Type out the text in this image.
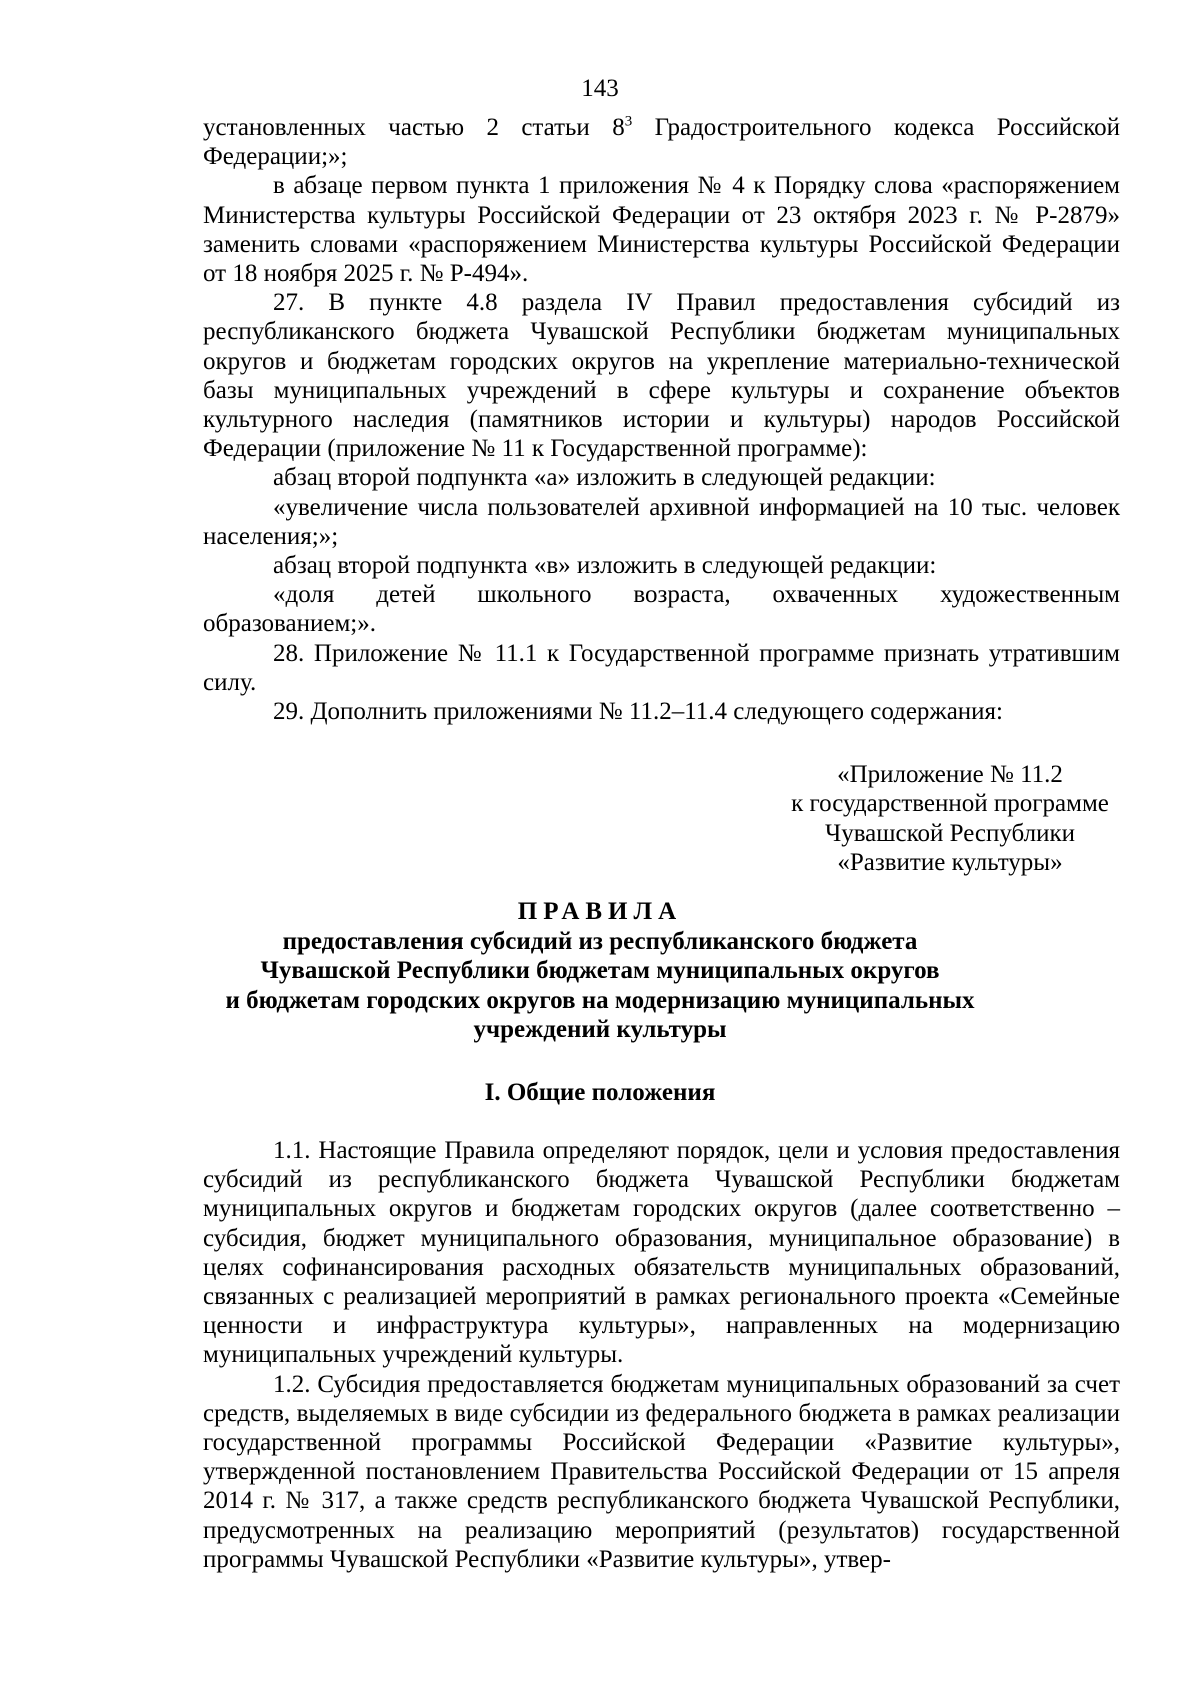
143

установленных частью 2 статьи $8^3$ Градостроительного кодекса Российской Федерации;»;

в абзаце первом пункта 1 приложения № 4 к Порядку слова «распоряжением Министерства культуры Российской Федерации от 23 октября 2023 г. № Р-2879» заменить словами «распоряжением Министерства культуры Российской Федерации от 18 ноября 2025 г. № Р-494».

27. В пункте 4.8 раздела IV Правил предоставления субсидий из республиканского бюджета Чувашской Республики бюджетам муниципальных округов и бюджетам городских округов на укрепление материально-технической базы муниципальных учреждений в сфере культуры и сохранение объектов культурного наследия (памятников истории и культуры) народов Российской Федерации (приложение № 11 к Государственной программе):

абзац второй подпункта «а» изложить в следующей редакции:

«увеличение числа пользователей архивной информацией на 10 тыс. человек населения;»;

абзац второй подпункта «в» изложить в следующей редакции:

«доля детей школьного возраста, охваченных художественным образованием;».

28. Приложение № 11.1 к Государственной программе признать утратившим силу.

29. Дополнить приложениями № 11.2–11.4 следующего содержания:

«Приложение № 11.2
к государственной программе
Чувашской Республики
«Развитие культуры»
ПРАВИЛА
предоставления субсидий из республиканского бюджета
Чувашской Республики бюджетам муниципальных округов
и бюджетам городских округов на модернизацию муниципальных
учреждений культуры
I. Общие положения

1.1. Настоящие Правила определяют порядок, цели и условия предоставления субсидий из республиканского бюджета Чувашской Республики бюджетам муниципальных округов и бюджетам городских округов (далее соответственно – субсидия, бюджет муниципального образования, муниципальное образование) в целях софинансирования расходных обязательств муниципальных образований, связанных с реализацией мероприятий в рамках регионального проекта «Семейные ценности и инфраструктура культуры», направленных на модернизацию муниципальных учреждений культуры.

1.2. Субсидия предоставляется бюджетам муниципальных образований за счет средств, выделяемых в виде субсидии из федерального бюджета в рамках реализации государственной программы Российской Федерации «Развитие культуры», утвержденной постановлением Правительства Российской Федерации от 15 апреля 2014 г. № 317, а также средств республиканского бюджета Чувашской Республики, предусмотренных на реализацию мероприятий (результатов) государственной программы Чувашской Республики «Развитие культуры», утвер-
